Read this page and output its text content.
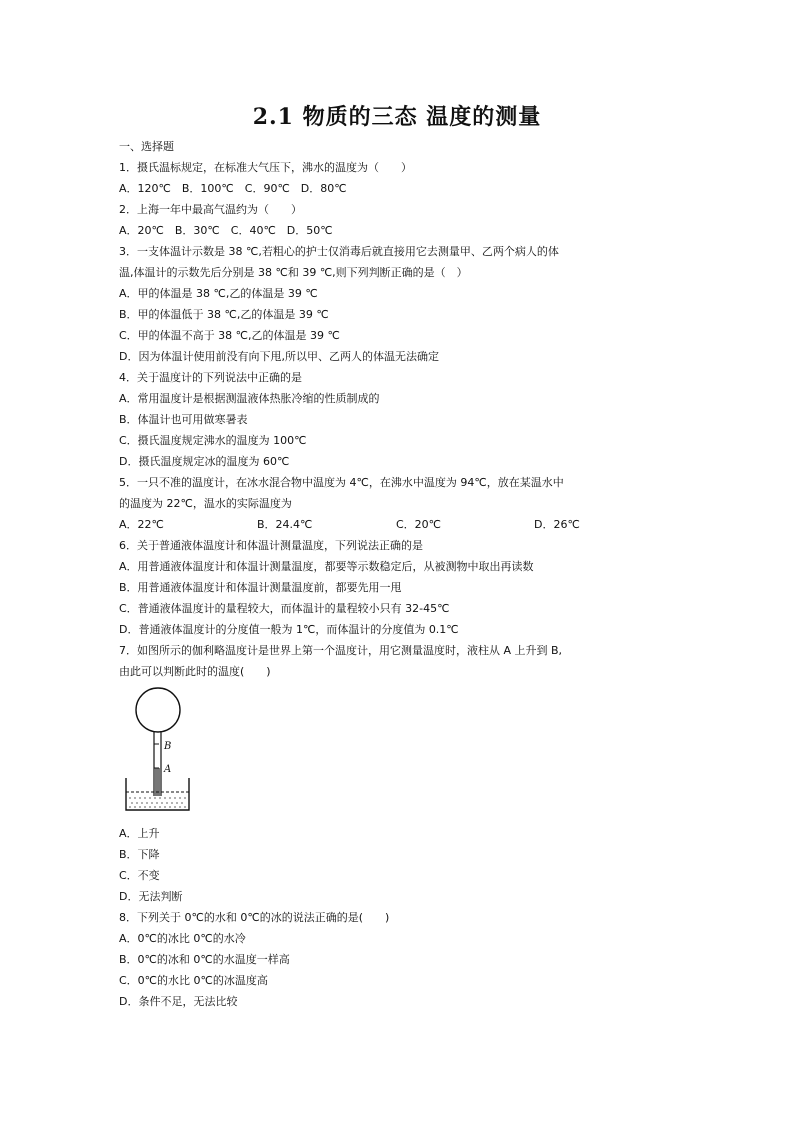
2.1 物质的三态 温度的测量
一、选择题
1．摄氏温标规定，在标准大气压下，沸水的温度为（　　）
A．120℃　B．100℃　C．90℃　D．80℃
2．上海一年中最高气温约为（　　）
A．20℃　B．30℃　C．40℃　D．50℃
3．一支体温计示数是 38 ℃,若粗心的护士仅消毒后就直接用它去测量甲、乙两个病人的体
温,体温计的示数先后分别是 38 ℃和 39 ℃,则下列判断正确的是（　）
A．甲的体温是 38 ℃,乙的体温是 39 ℃
B．甲的体温低于 38 ℃,乙的体温是 39 ℃
C．甲的体温不高于 38 ℃,乙的体温是 39 ℃
D．因为体温计使用前没有向下甩,所以甲、乙两人的体温无法确定
4．关于温度计的下列说法中正确的是
A．常用温度计是根据测温液体热胀冷缩的性质制成的
B．体温计也可用做寒暑表
C．摄氏温度规定沸水的温度为 100℃
D．摄氏温度规定冰的温度为 60℃
5．一只不准的温度计，在冰水混合物中温度为 4℃，在沸水中温度为 94℃，放在某温水中
的温度为 22℃，温水的实际温度为

A．22℃

	B．24.4℃

	C．20℃

	D．26℃

6．关于普通液体温度计和体温计测量温度，下列说法正确的是
A．用普通液体温度计和体温计测量温度，都要等示数稳定后，从被测物中取出再读数
B．用普通液体温度计和体温计测量温度前，都要先用一甩
C．普通液体温度计的量程较大，而体温计的量程较小只有 32-45℃
D．普通液体温度计的分度值一般为 1℃，而体温计的分度值为 0.1℃
7．如图所示的伽利略温度计是世界上第一个温度计，用它测量温度时，液柱从 A 上升到 B,
由此可以判断此时的温度(　　)
B
A
A．上升
B．下降
C．不变
D．无法判断
8．下列关于 0℃的水和 0℃的冰的说法正确的是(　　)
A．0℃的冰比 0℃的水冷
B．0℃的冰和 0℃的水温度一样高
C．0℃的水比 0℃的冰温度高
D．条件不足，无法比较
